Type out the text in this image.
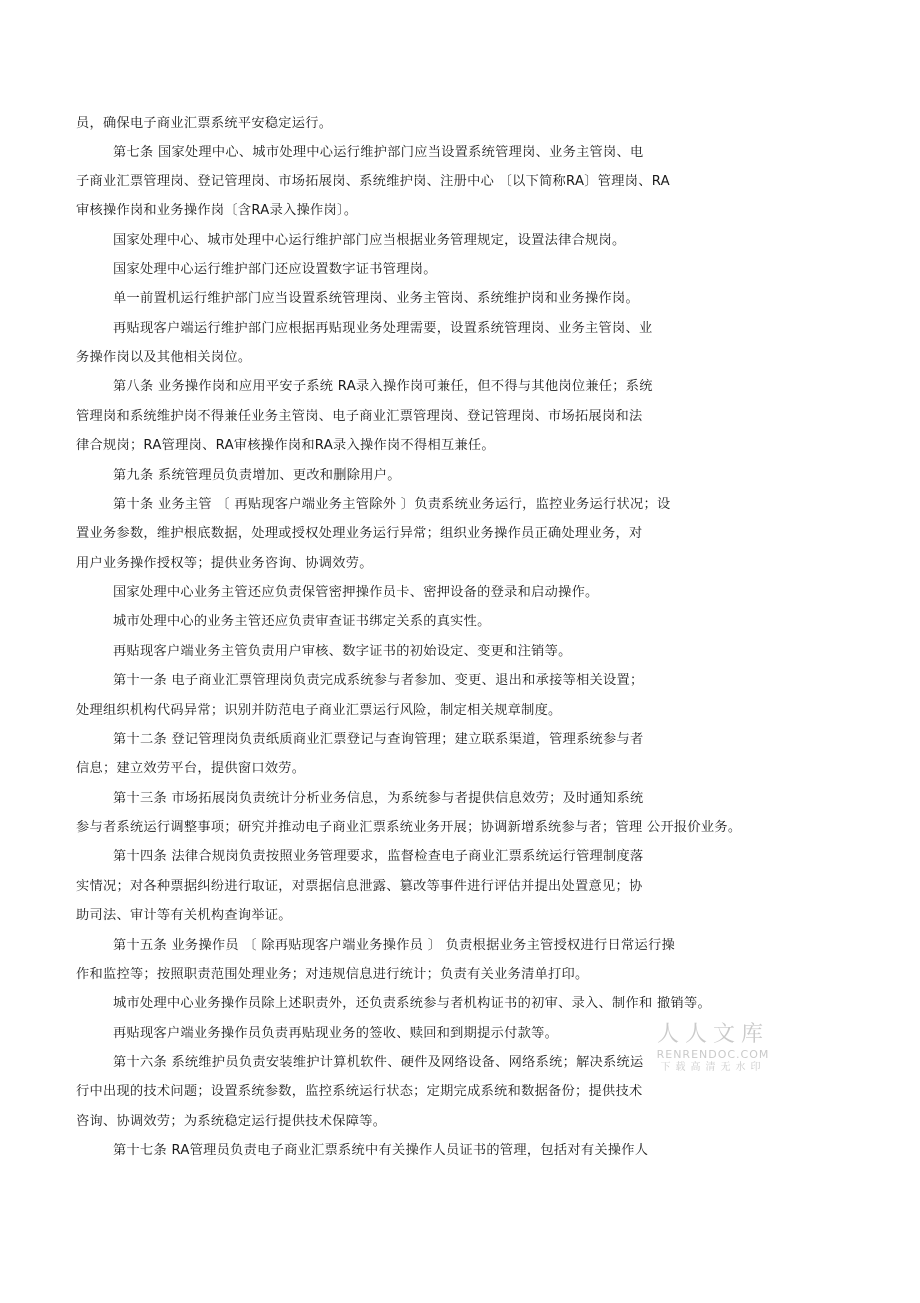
员，确保电子商业汇票系统平安稳定运行。
第七条 国家处理中心、城市处理中心运行维护部门应当设置系统管理岗、业务主管岗、电
子商业汇票管理岗、登记管理岗、市场拓展岗、系统维护岗、注册中心 〔以下简称RA〕管理岗、RA
审核操作岗和业务操作岗〔含RA录入操作岗〕。
国家处理中心、城市处理中心运行维护部门应当根据业务管理规定，设置法律合规岗。
国家处理中心运行维护部门还应设置数字证书管理岗。
单一前置机运行维护部门应当设置系统管理岗、业务主管岗、系统维护岗和业务操作岗。
再贴现客户端运行维护部门应根据再贴现业务处理需要，设置系统管理岗、业务主管岗、业
务操作岗以及其他相关岗位。
第八条 业务操作岗和应用平安子系统 RA录入操作岗可兼任，但不得与其他岗位兼任；系统
管理岗和系统维护岗不得兼任业务主管岗、电子商业汇票管理岗、登记管理岗、市场拓展岗和法
律合规岗；RA管理岗、RA审核操作岗和RA录入操作岗不得相互兼任。
第九条 系统管理员负责增加、更改和删除用户。
第十条 业务主管 〔 再贴现客户端业务主管除外 〕负责系统业务运行，监控业务运行状况；设
置业务参数，维护根底数据，处理或授权处理业务运行异常；组织业务操作员正确处理业务，对
用户业务操作授权等；提供业务咨询、协调效劳。
国家处理中心业务主管还应负责保管密押操作员卡、密押设备的登录和启动操作。
城市处理中心的业务主管还应负责审查证书绑定关系的真实性。
再贴现客户端业务主管负责用户审核、数字证书的初始设定、变更和注销等。
第十一条 电子商业汇票管理岗负责完成系统参与者参加、变更、退出和承接等相关设置；
处理组织机构代码异常；识别并防范电子商业汇票运行风险，制定相关规章制度。
第十二条 登记管理岗负责纸质商业汇票登记与查询管理；建立联系渠道，管理系统参与者
信息；建立效劳平台，提供窗口效劳。
第十三条 市场拓展岗负责统计分析业务信息，为系统参与者提供信息效劳；及时通知系统
参与者系统运行调整事项；研究并推动电子商业汇票系统业务开展；协调新增系统参与者；管理 公开报价业务。
第十四条 法律合规岗负责按照业务管理要求，监督检查电子商业汇票系统运行管理制度落
实情况；对各种票据纠纷进行取证，对票据信息泄露、篡改等事件进行评估并提出处置意见；协
助司法、审计等有关机构查询举证。
第十五条 业务操作员 〔 除再贴现客户端业务操作员 〕 负责根据业务主管授权进行日常运行操
作和监控等；按照职责范围处理业务；对违规信息进行统计；负责有关业务清单打印。
城市处理中心业务操作员除上述职责外，还负责系统参与者机构证书的初审、录入、制作和 撤销等。
再贴现客户端业务操作员负责再贴现业务的签收、赎回和到期提示付款等。
第十六条 系统维护员负责安装维护计算机软件、硬件及网络设备、网络系统；解决系统运
行中出现的技术问题；设置系统参数，监控系统运行状态；定期完成系统和数据备份；提供技术
咨询、协调效劳；为系统稳定运行提供技术保障等。
第十七条 RA管理员负责电子商业汇票系统中有关操作人员证书的管理，包括对有关操作人
人人文库
RENRENDOC.COM
下载高清无水印
